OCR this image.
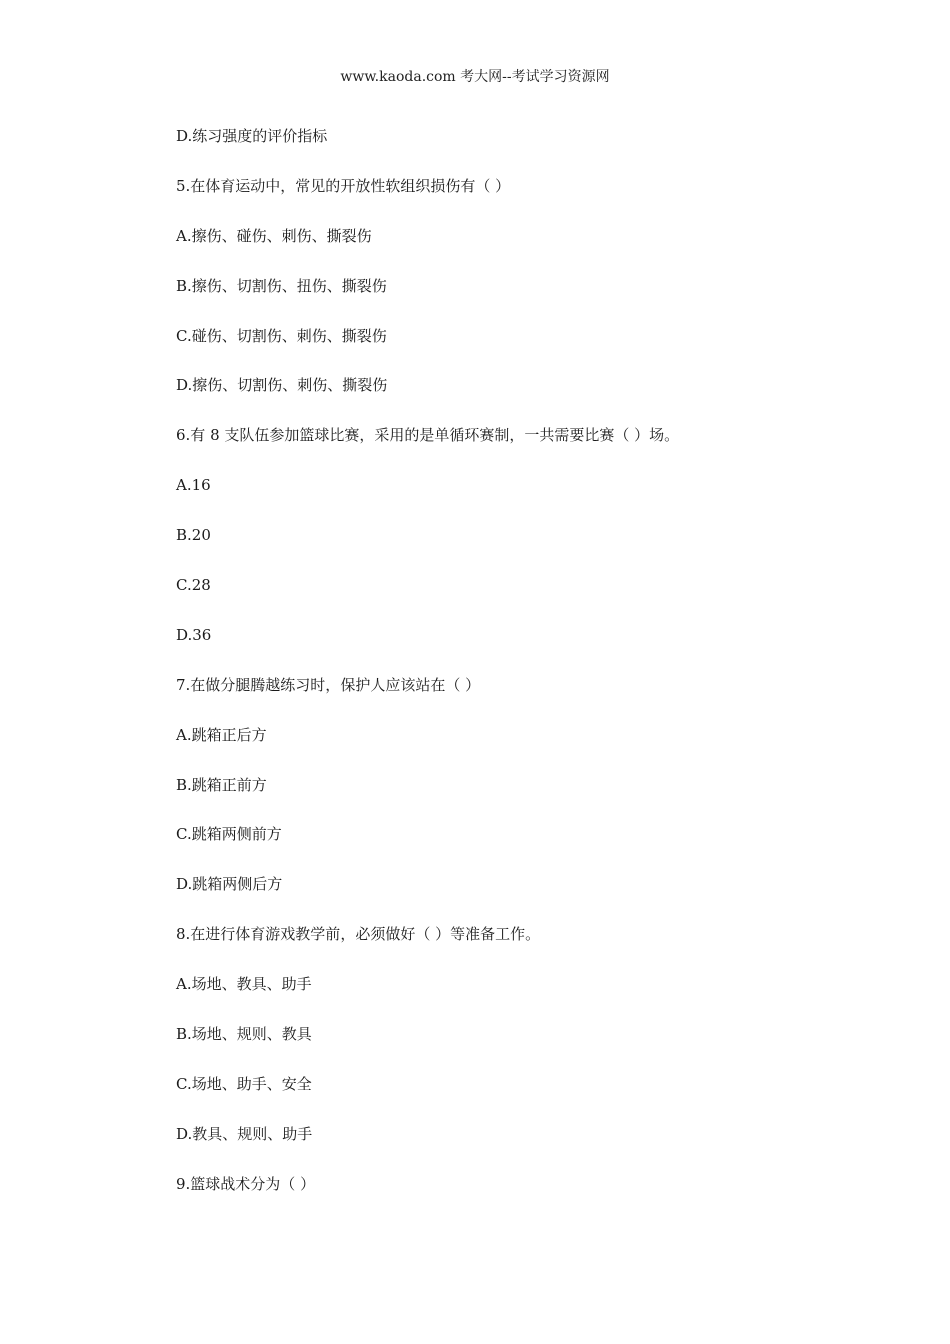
www.kaoda.com 考大网--考试学习资源网
D.练习强度的评价指标
5.在体育运动中，常见的开放性软组织损伤有（ ）
A.擦伤、碰伤、刺伤、撕裂伤
B.擦伤、切割伤、扭伤、撕裂伤
C.碰伤、切割伤、刺伤、撕裂伤
D.擦伤、切割伤、刺伤、撕裂伤
6.有 8 支队伍参加篮球比赛，采用的是单循环赛制，一共需要比赛（ ）场。
A.16
B.20
C.28
D.36
7.在做分腿腾越练习时，保护人应该站在（ ）
A.跳箱正后方
B.跳箱正前方
C.跳箱两侧前方
D.跳箱两侧后方
8.在进行体育游戏教学前，必须做好（ ）等准备工作。
A.场地、教具、助手
B.场地、规则、教具
C.场地、助手、安全
D.教具、规则、助手
9.篮球战术分为（ ）
